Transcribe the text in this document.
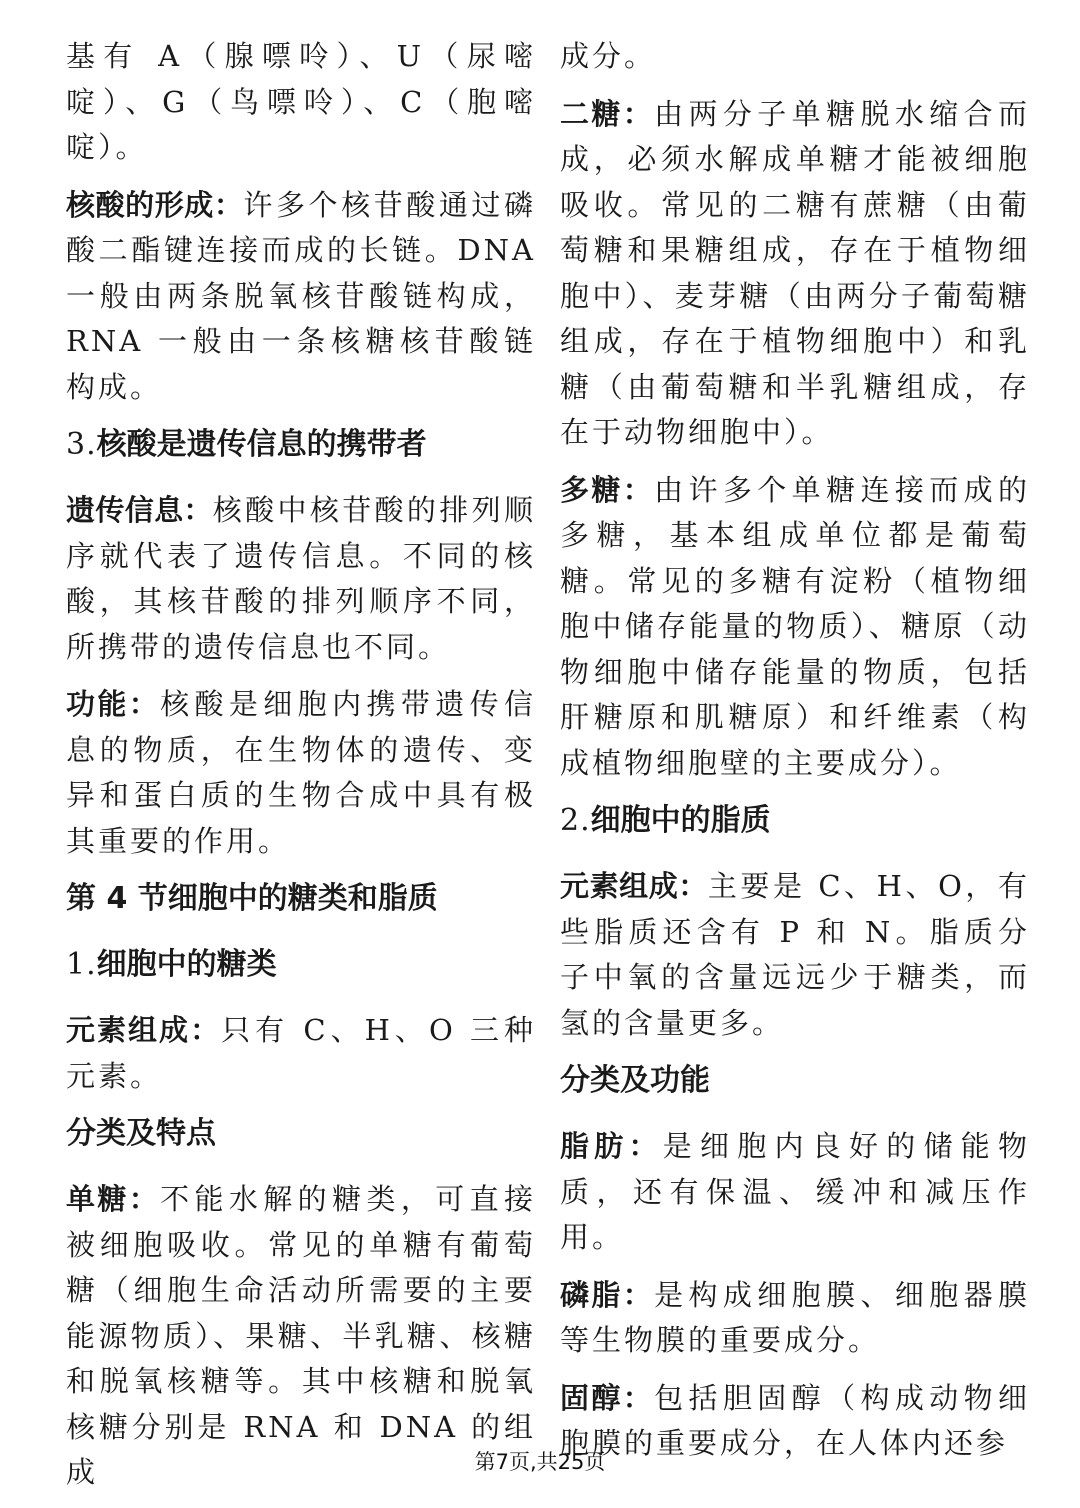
基有 A（腺嘌呤）、U（尿嘧啶）、G（鸟嘌呤）、C（胞嘧啶）。

核酸的形成：许多个核苷酸通过磷酸二酯键连接而成的长链。DNA 一般由两条脱氧核苷酸链构成，RNA 一般由一条核糖核苷酸链构成。

3.核酸是遗传信息的携带者

遗传信息：核酸中核苷酸的排列顺序就代表了遗传信息。不同的核酸，其核苷酸的排列顺序不同，所携带的遗传信息也不同。

功能：核酸是细胞内携带遗传信息的物质，在生物体的遗传、变异和蛋白质的生物合成中具有极其重要的作用。

第 4 节细胞中的糖类和脂质
1.细胞中的糖类

元素组成：只有 C、H、O 三种元素。

分类及特点

单糖：不能水解的糖类，可直接被细胞吸收。常见的单糖有葡萄糖（细胞生命活动所需要的主要能源物质）、果糖、半乳糖、核糖和脱氧核糖等。其中核糖和脱氧核糖分别是 RNA 和 DNA 的组成

成分。

二糖：由两分子单糖脱水缩合而成，必须水解成单糖才能被细胞吸收。常见的二糖有蔗糖（由葡萄糖和果糖组成，存在于植物细胞中）、麦芽糖（由两分子葡萄糖组成，存在于植物细胞中）和乳糖（由葡萄糖和半乳糖组成，存在于动物细胞中）。

多糖：由许多个单糖连接而成的多糖，基本组成单位都是葡萄糖。常见的多糖有淀粉（植物细胞中储存能量的物质）、糖原（动物细胞中储存能量的物质，包括肝糖原和肌糖原）和纤维素（构成植物细胞壁的主要成分）。

2.细胞中的脂质

元素组成：主要是 C、H、O，有些脂质还含有 P 和 N。脂质分子中氧的含量远远少于糖类，而氢的含量更多。

分类及功能

脂肪：是细胞内良好的储能物质，还有保温、缓冲和减压作用。

磷脂：是构成细胞膜、细胞器膜等生物膜的重要成分。

固醇：包括胆固醇（构成动物细胞膜的重要成分，在人体内还参

第7页,共25页
